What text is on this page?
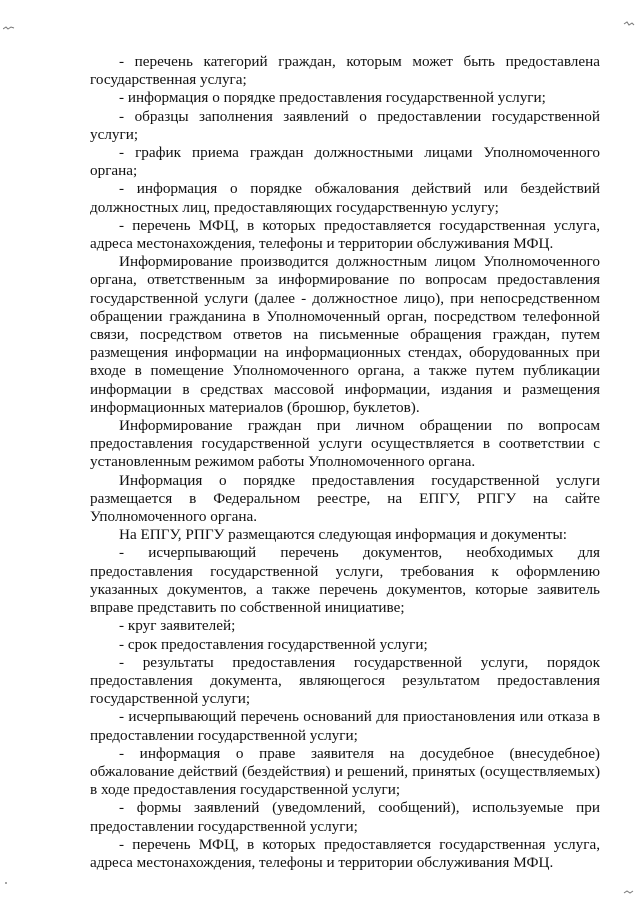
- перечень категорий граждан, которым может быть предоставлена государственная услуга;

- информация о порядке предоставления государственной услуги;

- образцы заполнения заявлений о предоставлении государственной услуги;

- график приема граждан должностными лицами Уполномоченного органа;

- информация о порядке обжалования действий или бездействий должностных лиц, предоставляющих государственную услугу;

- перечень МФЦ, в которых предоставляется государственная услуга, адреса местонахождения, телефоны и территории обслуживания МФЦ.

Информирование производится должностным лицом Уполномоченного органа, ответственным за информирование по вопросам предоставления государственной услуги (далее - должностное лицо), при непосредственном обращении гражданина в Уполномоченный орган, посредством телефонной связи, посредством ответов на письменные обращения граждан, путем размещения информации на информационных стендах, оборудованных при входе в помещение Уполномоченного органа, а также путем публикации информации в средствах массовой информации, издания и размещения информационных материалов (брошюр, буклетов).

Информирование граждан при личном обращении по вопросам предоставления государственной услуги осуществляется в соответствии с установленным режимом работы Уполномоченного органа.

Информация о порядке предоставления государственной услуги размещается в Федеральном реестре, на ЕПГУ, РПГУ на сайте Уполномоченного органа.

На ЕПГУ, РПГУ размещаются следующая информация и документы:

- исчерпывающий перечень документов, необходимых для предоставления государственной услуги, требования к оформлению указанных документов, а также перечень документов, которые заявитель вправе представить по собственной инициативе;

- круг заявителей;

- срок предоставления государственной услуги;

- результаты предоставления государственной услуги, порядок предоставления документа, являющегося результатом предоставления государственной услуги;

- исчерпывающий перечень оснований для приостановления или отказа в предоставлении государственной услуги;

- информация о праве заявителя на досудебное (внесудебное) обжалование действий (бездействия) и решений, принятых (осуществляемых) в ходе предоставления государственной услуги;

- формы заявлений (уведомлений, сообщений), используемые при предоставлении государственной услуги;

- перечень МФЦ, в которых предоставляется государственная услуга, адреса местонахождения, телефоны и территории обслуживания МФЦ.
